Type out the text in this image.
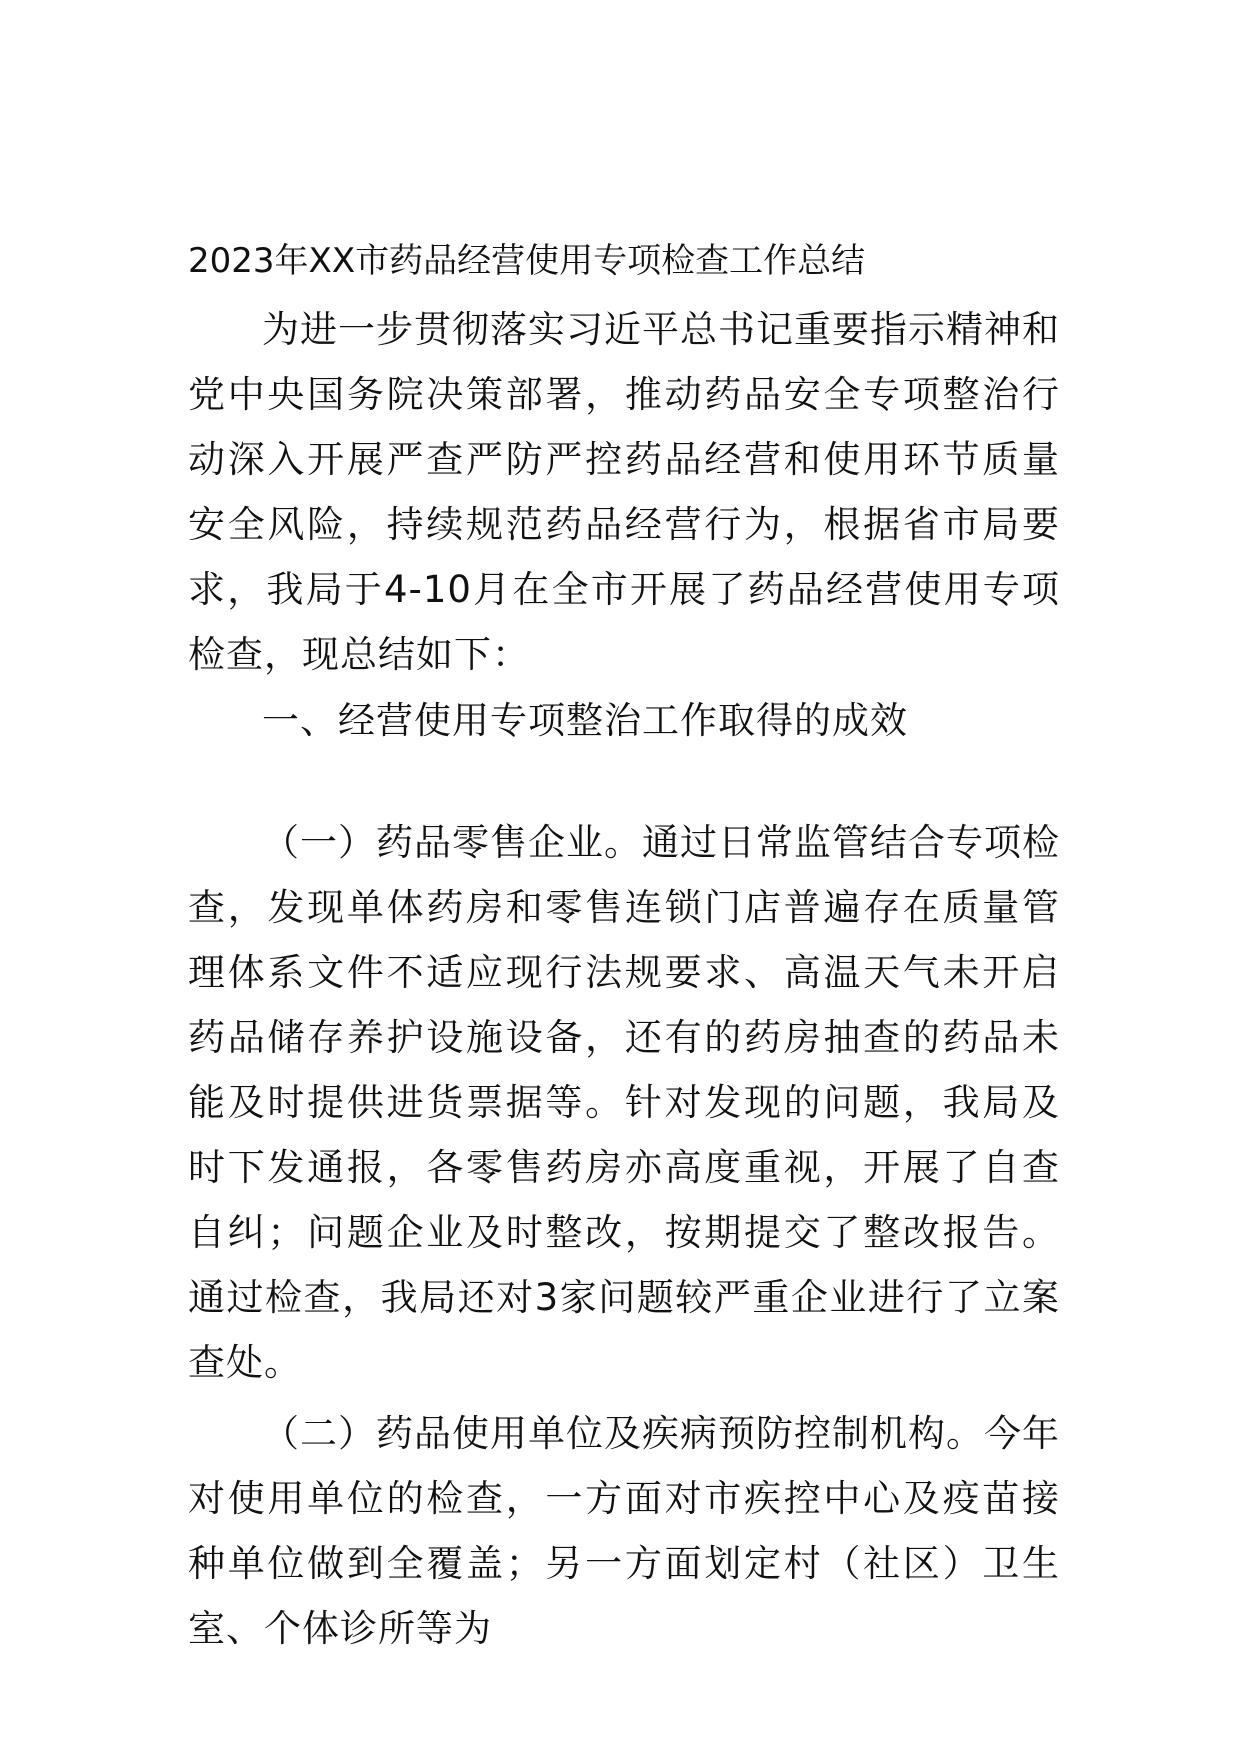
2023年XX市药品经营使用专项检查工作总结

为进一步贯彻落实习近平总书记重要指示精神和党中央国务院决策部署，推动药品安全专项整治行动深入开展严查严防严控药品经营和使用环节质量安全风险，持续规范药品经营行为，根据省市局要求，我局于4-10月在全市开展了药品经营使用专项检查，现总结如下：

一、经营使用专项整治工作取得的成效

（一）药品零售企业。通过日常监管结合专项检查，发现单体药房和零售连锁门店普遍存在质量管理体系文件不适应现行法规要求、高温天气未开启药品储存养护设施设备，还有的药房抽查的药品未能及时提供进货票据等。针对发现的问题，我局及时下发通报，各零售药房亦高度重视，开展了自查自纠；问题企业及时整改，按期提交了整改报告。通过检查，我局还对3家问题较严重企业进行了立案查处。

（二）药品使用单位及疾病预防控制机构。今年对使用单位的检查，一方面对市疾控中心及疫苗接种单位做到全覆盖；另一方面划定村（社区）卫生室、个体诊所等为
